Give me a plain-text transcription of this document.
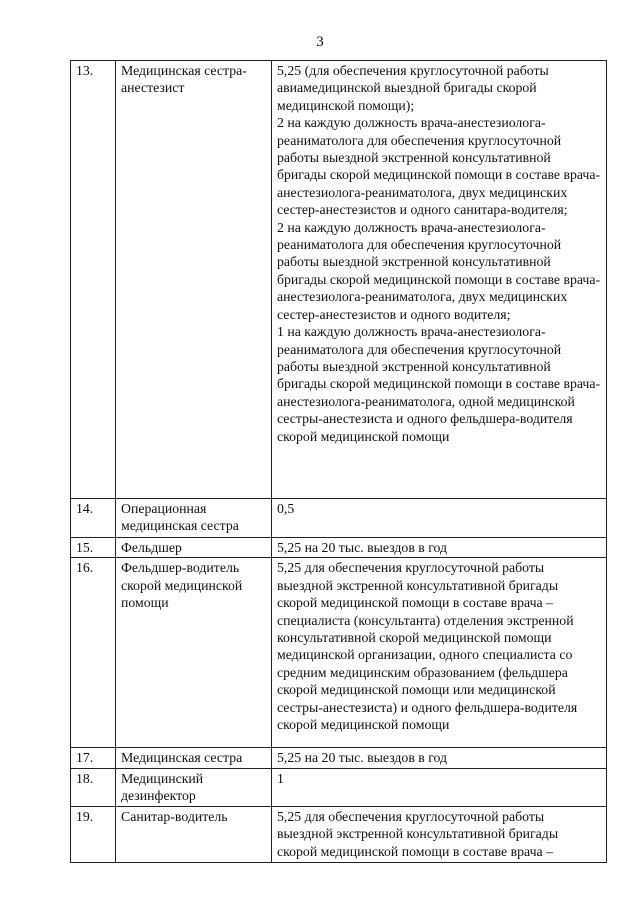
3
13.	Медицинская сестра-анестезист	5,25 (для обеспечения круглосуточной работы авиамедицинской выездной бригады скорой медицинской помощи);
2 на каждую должность врача-анестезиолога-реаниматолога для обеспечения круглосуточной работы выездной экстренной консультативной бригады скорой медицинской помощи в составе врача-анестезиолога-реаниматолога, двух медицинских сестер-анестезистов и одного санитара-водителя;
2 на каждую должность врача-анестезиолога-реаниматолога для обеспечения круглосуточной работы выездной экстренной консультативной бригады скорой медицинской помощи в составе врача-анестезиолога-реаниматолога, двух медицинских сестер-анестезистов и одного водителя;
1 на каждую должность врача-анестезиолога-реаниматолога для обеспечения круглосуточной работы выездной экстренной консультативной бригады скорой медицинской помощи в составе врача-анестезиолога-реаниматолога, одной медицинской сестры-анестезиста и одного фельдшера-водителя скорой медицинской помощи

14.	Операционная медицинская сестра	0,5

15.	Фельдшер	5,25 на 20 тыс. выездов в год

16.	Фельдшер-водитель скорой медицинской помощи	5,25 для обеспечения круглосуточной работы выездной экстренной консультативной бригады скорой медицинской помощи в составе врача – специалиста (консультанта) отделения экстренной консультативной скорой медицинской помощи медицинской организации, одного специалиста со средним медицинским образованием (фельдшера скорой медицинской помощи или медицинской сестры-анестезиста) и одного фельдшера-водителя скорой медицинской помощи

17.	Медицинская сестра	5,25 на 20 тыс. выездов в год

18.	Медицинский дезинфектор	1

19.	Санитар-водитель	5,25 для обеспечения круглосуточной работы выездной экстренной консультативной бригады скорой медицинской помощи в составе врача –
